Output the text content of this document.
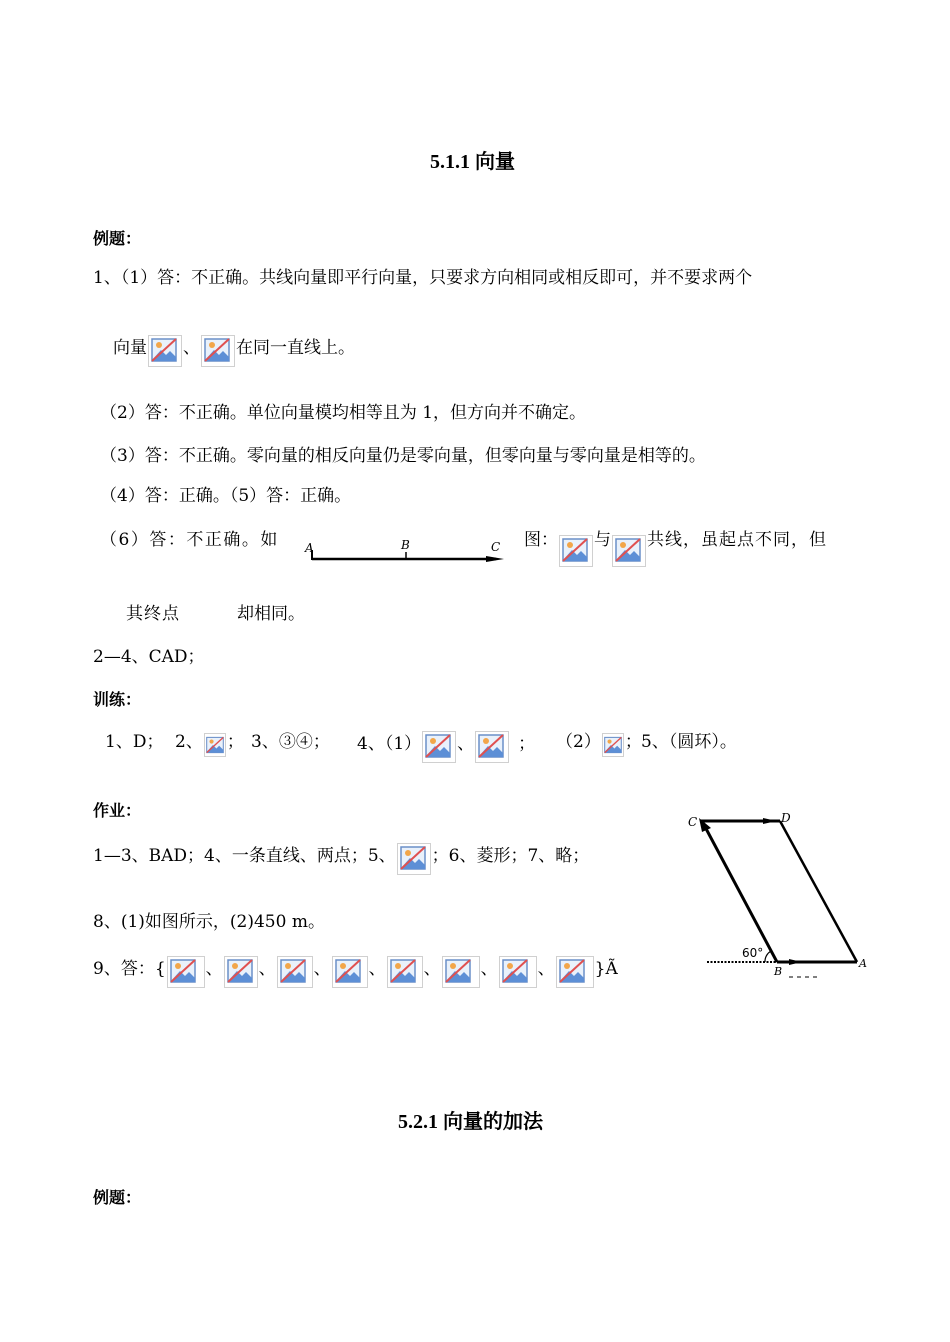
5.1.1 向量
例题：
1、（1）答：不正确。共线向量即平行向量，只要求方向相同或相反即可，并不要求两个
向量 、 在同一直线上。
（2）答：不正确。单位向量模均相等且为 1，但方向并不确定。
（3）答：不正确。零向量的相反向量仍是零向量，但零向量与零向量是相等的。
（4）答：正确。（5）答：正确。
（6）答：不正确。如 A	B	C 图： 与 共线，虽起点不同，但
其终点	却相同。
2—4、CAD；
训练：
1、D； 2、 ； 3、③④； 4、（1） 、	； （2） ； 5、（圆环）。
作业：
1—3、BAD；4、一条直线、两点；5、 ；6、菱形；7、略；
8、(1)如图所示，(2)450 m。
9、答：{ 、 、 、 、 、 、 、 }Ã
C	D
60°
B
A
5.2.1 向量的加法
例题：
